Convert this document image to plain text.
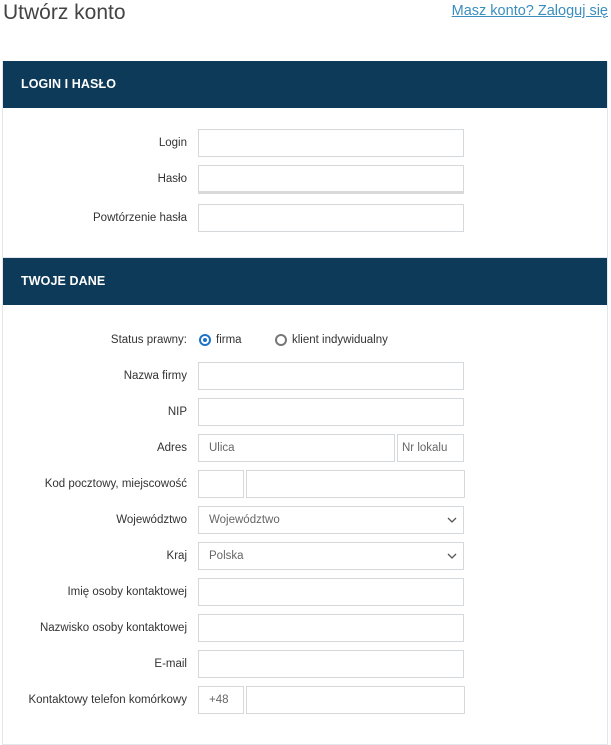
Utwórz konto	Masz konto? Zaloguj się
LOGIN I HASŁO
Login
Hasło
Powtórzenie hasła
TWOJE DANE
Status prawny:	firma	klient indywidualny
Nazwa firmy
NIP
Adres	Ulica	Nr lokalu
Kod pocztowy, miejscowość
Województwo	Województwo
Kraj	Polska
Imię osoby kontaktowej
Nazwisko osoby kontaktowej
E-mail
Kontaktowy telefon komórkowy	+48
